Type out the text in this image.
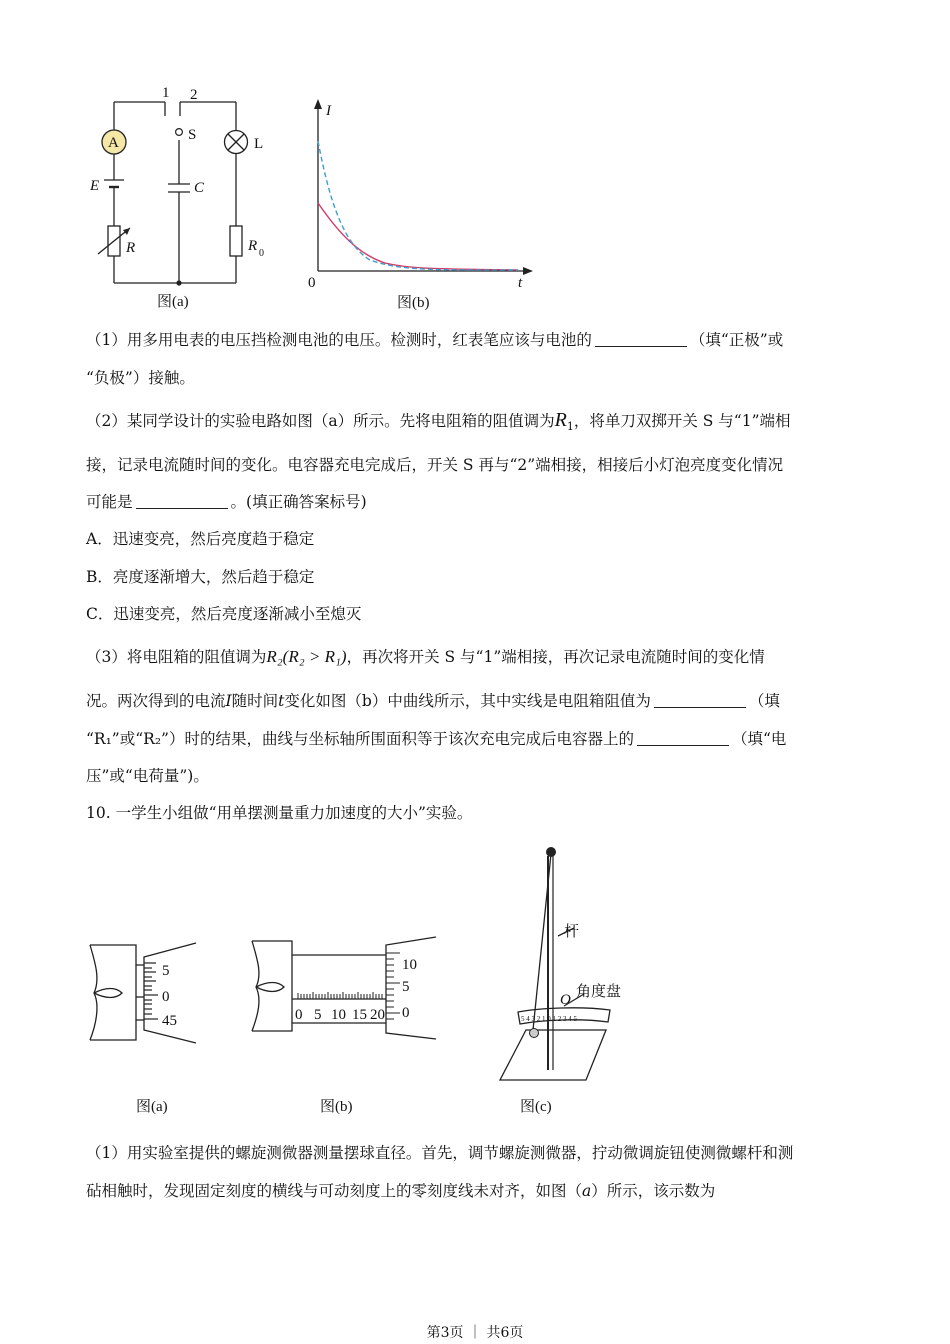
1 2
S
A	L
E	C
R	R 0
图(a)
I
t
0
图(b)
（1）用多用电表的电压挡检测电池的电压。检测时，红表笔应该与电池的	（填“正极”或
“负极”）接触。
（2）某同学设计的实验电路如图（a）所示。先将电阻箱的阻值调为$R_1$，将单刀双掷开关 S 与“1”端相
接，记录电流随时间的变化。电容器充电完成后，开关 S 再与“2”端相接，相接后小灯泡亮度变化情况
可能是	。(填正确答案标号)
A．迅速变亮，然后亮度趋于稳定
B．亮度逐渐增大，然后趋于稳定
C．迅速变亮，然后亮度逐渐减小至熄灭
（3）将电阻箱的阻值调为R₂(R₂ > R₁)，再次将开关 S 与“1”端相接，再次记录电流随时间的变化情
况。两次得到的电流I随时间t变化如图（b）中曲线所示，其中实线是电阻箱阻值为	（填
“R₁”或“R₂”）时的结果，曲线与坐标轴所围面积等于该次充电完成后电容器上的	（填“电
压”或“电荷量”)。
10. 一学生小组做“用单摆测量重力加速度的大小”实验。
5
0
45
图(a)
10
5
0
0 5 10 15 20
图(b)
5 4 3 2 1 0 1 2 3 4 5
杆
O 角度盘
图(c)
（1）用实验室提供的螺旋测微器测量摆球直径。首先，调节螺旋测微器，拧动微调旋钮使测微螺杆和测
砧相触时，发现固定刻度的横线与可动刻度上的零刻度线未对齐，如图（a）所示，该示数为
第3页 ｜ 共6页
